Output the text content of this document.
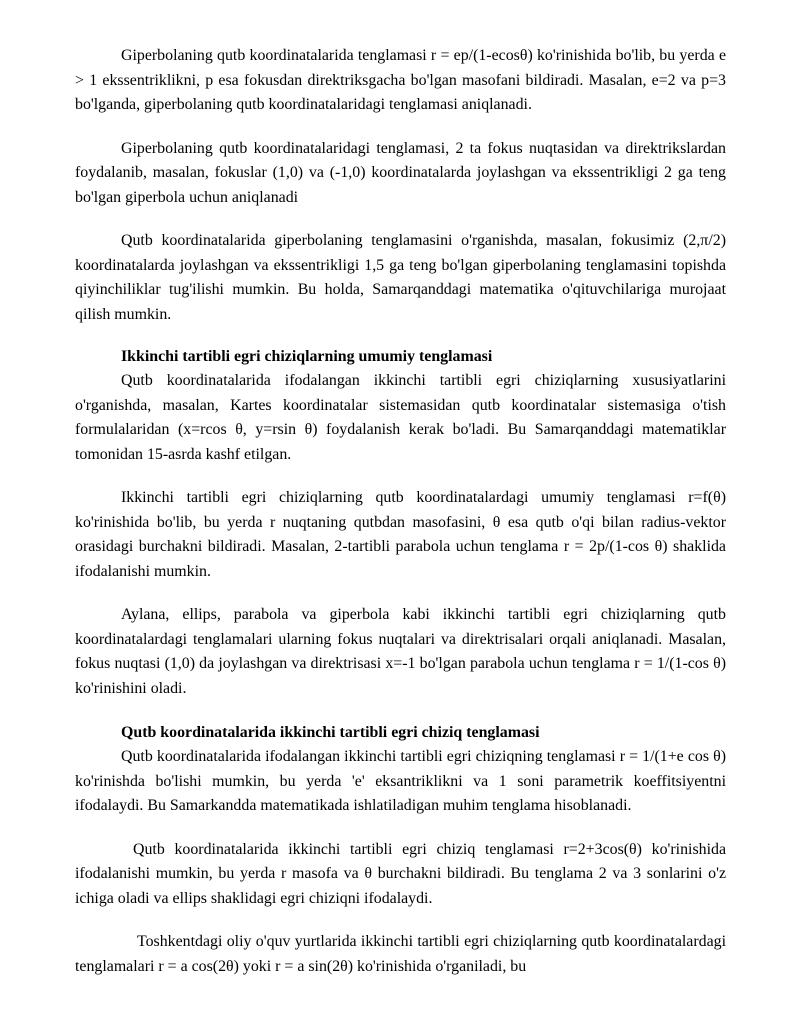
Giperbolaning qutb koordinatalarida tenglamasi r = ep/(1-ecosθ) ko'rinishida bo'lib, bu yerda e > 1 ekssentriklikni, p esa fokusdan direktriksgacha bo'lgan masofani bildiradi. Masalan, e=2 va p=3 bo'lganda, giperbolaning qutb koordinatalaridagi tenglamasi aniqlanadi.

Giperbolaning qutb koordinatalaridagi tenglamasi, 2 ta fokus nuqtasidan va direktrikslardan foydalanib, masalan, fokuslar (1,0) va (-1,0) koordinatalarda joylashgan va ekssentrikligi 2 ga teng bo'lgan giperbola uchun aniqlanadi

Qutb koordinatalarida giperbolaning tenglamasini o'rganishda, masalan, fokusimiz (2,π/2) koordinatalarda joylashgan va ekssentrikligi 1,5 ga teng bo'lgan giperbolaning tenglamasini topishda qiyinchiliklar tug'ilishi mumkin. Bu holda, Samarqanddagi matematika o'qituvchilariga murojaat qilish mumkin.

Ikkinchi tartibli egri chiziqlarning umumiy tenglamasi

Qutb koordinatalarida ifodalangan ikkinchi tartibli egri chiziqlarning xususiyatlarini o'rganishda, masalan, Kartes koordinatalar sistemasidan qutb koordinatalar sistemasiga o'tish formulalaridan (x=rcos θ, y=rsin θ) foydalanish kerak bo'ladi. Bu Samarqanddagi matematiklar tomonidan 15-asrda kashf etilgan.

Ikkinchi tartibli egri chiziqlarning qutb koordinatalardagi umumiy tenglamasi r=f(θ) ko'rinishida bo'lib, bu yerda r nuqtaning qutbdan masofasini, θ esa qutb o'qi bilan radius-vektor orasidagi burchakni bildiradi. Masalan, 2-tartibli parabola uchun tenglama r = 2p/(1-cos θ) shaklida ifodalanishi mumkin.

Aylana, ellips, parabola va giperbola kabi ikkinchi tartibli egri chiziqlarning qutb koordinatalardagi tenglamalari ularning fokus nuqtalari va direktrisalari orqali aniqlanadi. Masalan, fokus nuqtasi (1,0) da joylashgan va direktrisasi x=-1 bo'lgan parabola uchun tenglama r = 1/(1-cos θ) ko'rinishini oladi.

Qutb koordinatalarida ikkinchi tartibli egri chiziq tenglamasi

Qutb koordinatalarida ifodalangan ikkinchi tartibli egri chiziqning tenglamasi r = 1/(1+e cos θ) ko'rinishda bo'lishi mumkin, bu yerda 'e' eksantriklikni va 1 soni parametrik koeffitsiyentni ifodalaydi. Bu Samarkandda matematikada ishlatiladigan muhim tenglama hisoblanadi.

Qutb koordinatalarida ikkinchi tartibli egri chiziq tenglamasi r=2+3cos(θ) ko'rinishida ifodalanishi mumkin, bu yerda r masofa va θ burchakni bildiradi. Bu tenglama 2 va 3 sonlarini o'z ichiga oladi va ellips shaklidagi egri chiziqni ifodalaydi.

Toshkentdagi oliy o'quv yurtlarida ikkinchi tartibli egri chiziqlarning qutb koordinatalardagi tenglamalari r = a cos(2θ) yoki r = a sin(2θ) ko'rinishida o'rganiladi, bu
